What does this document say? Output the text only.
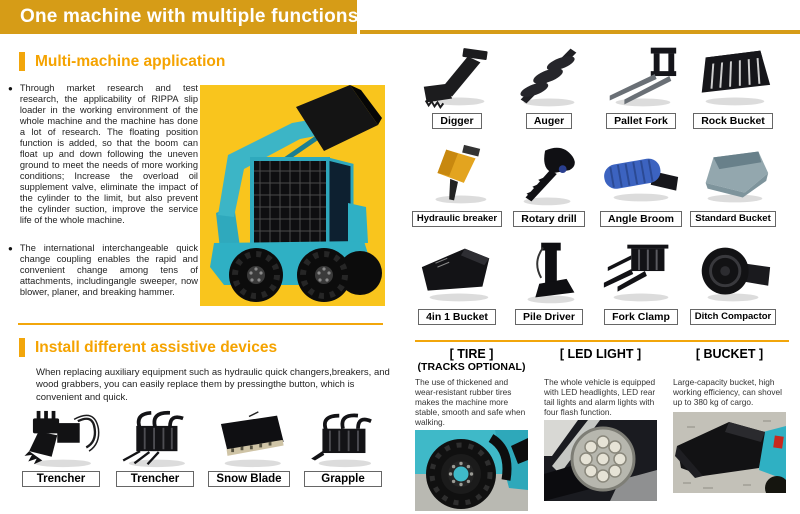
One machine with multiple functions
Multi-machine application
● Through market research and test research, the applicability of RIPPA slip loader in the working environment of the whole machine and the machine has done a lot of research. The floating position function is added, so that the boom can float up and down following the uneven ground to meet the needs of more working conditions; Increase the overload oil supplement valve, eliminate the impact of the cylinder to the limit, but also prevent the cylinder suction, improve the service life of the whole machine.
● The international interchangeable quick change coupling enables the rapid and convenient change among tens of attachments, includingangle sweeper, now blower, planer, and breaking hammer.
Install different assistive devices
When replacing auxiliary equipment such as hydraulic quick changers,breakers, and wood grabbers, you can easily replace them by pressingthe button, which is convenient and quick.
Trencher	Trencher	Snow Blade	Grapple
Digger	Auger	Pallet Fork	Rock Bucket
Hydraulic breaker	Rotary drill	Angle Broom	Standard Bucket
4in 1 Bucket	Pile Driver	Fork Clamp	Ditch Compactor
[ TIRE ]
(TRACKS OPTIONAL)
The use of thickened and wear-resistant rubber tires makes the machine more stable, smooth and safe when walking.
[ LED LIGHT ]
The whole vehicle is equipped with LED headlights, LED rear tail lights and alarm lights with four flash function.
[ BUCKET ]
Large-capacity bucket, high working efficiency, can shovel up to 380 kg of cargo.
